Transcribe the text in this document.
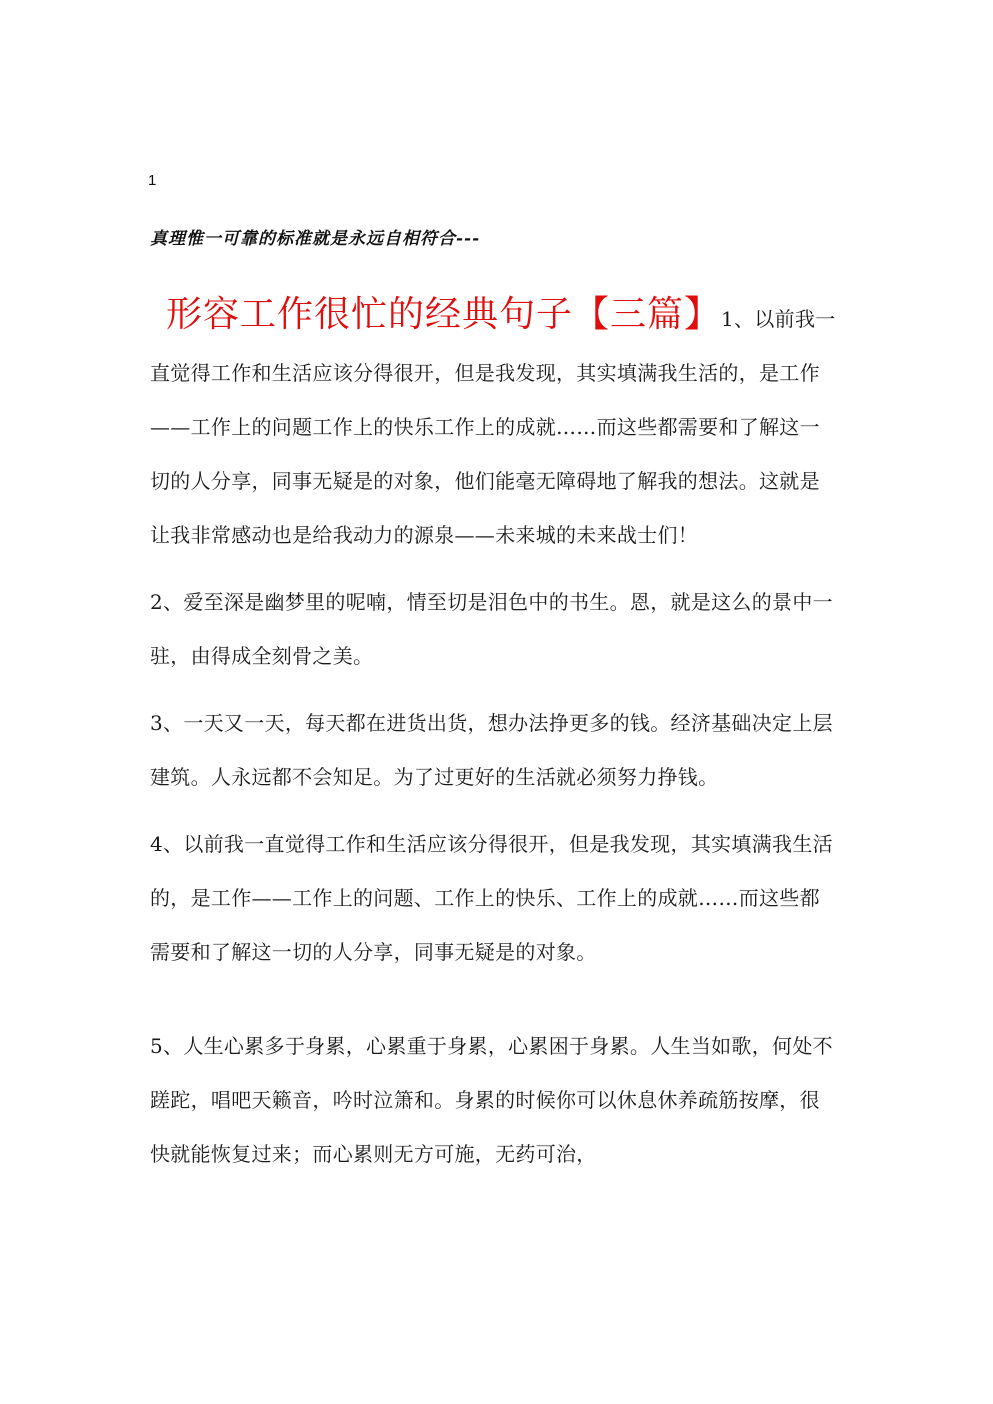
1
真理惟一可靠的标准就是永远自相符合---

形容工作很忙的经典句子【三篇】1、以前我一直觉得工作和生活应该分得很开，但是我发现，其实填满我生活的，是工作——工作上的问题工作上的快乐工作上的成就……而这些都需要和了解这一切的人分享，同事无疑是的对象，他们能毫无障碍地了解我的想法。这就是让我非常感动也是给我动力的源泉——未来城的未来战士们！

2、爱至深是幽梦里的呢喃，情至切是泪色中的书生。恩，就是这么的景中一驻，由得成全刻骨之美。

3、一天又一天，每天都在进货出货，想办法挣更多的钱。经济基础决定上层建筑。人永远都不会知足。为了过更好的生活就必须努力挣钱。

4、以前我一直觉得工作和生活应该分得很开，但是我发现，其实填满我生活的，是工作——工作上的问题、工作上的快乐、工作上的成就……而这些都需要和了解这一切的人分享，同事无疑是的对象。

5、人生心累多于身累，心累重于身累，心累困于身累。人生当如歌，何处不蹉跎，唱吧天籁音，吟时泣箫和。身累的时候你可以休息休养疏筋按摩，很快就能恢复过来；而心累则无方可施，无药可治，
